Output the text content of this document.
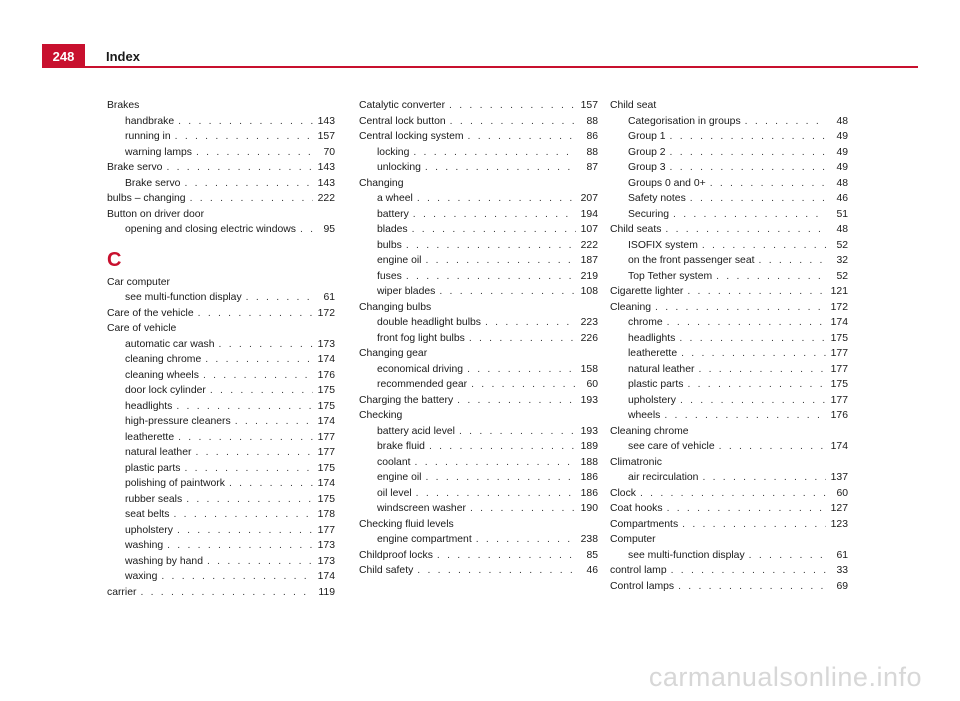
248	Index
Brakes
handbrake . . .	143
running in . . .	157
warning lamps . . .	70
Brake servo . . .	143
Brake servo . . .	143
bulbs – changing . . .	222
Button on driver door
opening and closing electric windows . . .	95
C
Car computer
see multi-function display . . .	61
Care of the vehicle . . .	172
Care of vehicle
automatic car wash . . .	173
cleaning chrome . . .	174
cleaning wheels . . .	176
door lock cylinder . . .	175
headlights . . .	175
high-pressure cleaners . . .	174
leatherette . . .	177
natural leather . . .	177
plastic parts . . .	175
polishing of paintwork . . .	174
rubber seals . . .	175
seat belts . . .	178
upholstery . . .	177
washing . . .	173
washing by hand . . .	173
waxing . . .	174
carrier . . .	119
Catalytic converter . . .	157
Central lock button . . .	88
Central locking system . . .	86
locking . . .	88
unlocking . . .	87
Changing
a wheel . . .	207
battery . . .	194
blades . . .	107
bulbs . . .	222
engine oil . . .	187
fuses . . .	219
wiper blades . . .	108
Changing bulbs
double headlight bulbs . . .	223
front fog light bulbs . . .	226
Changing gear
economical driving . . .	158
recommended gear . . .	60
Charging the battery . . .	193
Checking
battery acid level . . .	193
brake fluid . . .	189
coolant . . .	188
engine oil . . .	186
oil level . . .	186
windscreen washer . . .	190
Checking fluid levels
engine compartment . . .	238
Childproof locks . . .	85
Child safety . . .	46
Child seat
Categorisation in groups . . .	48
Group 1 . . .	49
Group 2 . . .	49
Group 3 . . .	49
Groups 0 and 0+ . . .	48
Safety notes . . .	46
Securing . . .	51
Child seats . . .	48
ISOFIX system . . .	52
on the front passenger seat . . .	32
Top Tether system . . .	52
Cigarette lighter . . .	121
Cleaning . . .	172
chrome . . .	174
headlights . . .	175
leatherette . . .	177
natural leather . . .	177
plastic parts . . .	175
upholstery . . .	177
wheels . . .	176
Cleaning chrome
see care of vehicle . . .	174
Climatronic
air recirculation . . .	137
Clock . . .	60
Coat hooks . . .	127
Compartments . . .	123
Computer
see multi-function display . . .	61
control lamp . . .	33
Control lamps . . .	69
carmanualsonline.info
